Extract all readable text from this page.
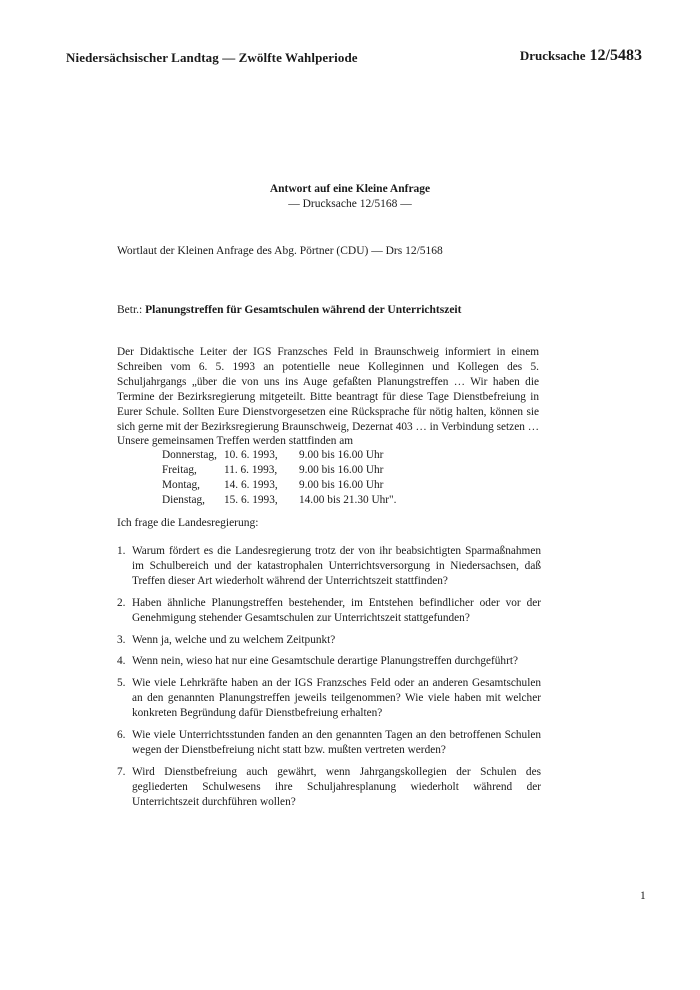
Niedersächsischer Landtag — Zwölfte Wahlperiode	Drucksache 12/5483
Antwort auf eine Kleine Anfrage
— Drucksache 12/5168 —
Wortlaut der Kleinen Anfrage des Abg. Pörtner (CDU) — Drs 12/5168
Betr.: Planungstreffen für Gesamtschulen während der Unterrichtszeit
Der Didaktische Leiter der IGS Franzsches Feld in Braunschweig informiert in einem Schreiben vom 6. 5. 1993 an potentielle neue Kolleginnen und Kollegen des 5. Schuljahrgangs „über die von uns ins Auge gefaßten Planungstreffen … Wir haben die Termine der Bezirksregierung mitgeteilt. Bitte beantragt für diese Tage Dienstbefreiung in Eurer Schule. Sollten Eure Dienstvorgesetzen eine Rücksprache für nötig halten, können sie sich gerne mit der Bezirksregierung Braunschweig, Dezernat 403 … in Verbindung setzen … Unsere gemeinsamen Treffen werden stattfinden am
Donnerstag,	10. 6. 1993,	9.00 bis 16.00 Uhr
Freitag,	11. 6. 1993,	9.00 bis 16.00 Uhr
Montag,	14. 6. 1993,	9.00 bis 16.00 Uhr
Dienstag,	15. 6. 1993,	14.00 bis 21.30 Uhr".
Ich frage die Landesregierung:
1. Warum fördert es die Landesregierung trotz der von ihr beabsichtigten Sparmaßnahmen im Schulbereich und der katastrophalen Unterrichtsversorgung in Niedersachsen, daß Treffen dieser Art wiederholt während der Unterrichtszeit stattfinden?
2. Haben ähnliche Planungstreffen bestehender, im Entstehen befindlicher oder vor der Genehmigung stehender Gesamtschulen zur Unterrichtszeit stattgefunden?
3. Wenn ja, welche und zu welchem Zeitpunkt?
4. Wenn nein, wieso hat nur eine Gesamtschule derartige Planungstreffen durchgeführt?
5. Wie viele Lehrkräfte haben an der IGS Franzsches Feld oder an anderen Gesamtschulen an den genannten Planungstreffen jeweils teilgenommen? Wie viele haben mit welcher konkreten Begründung dafür Dienstbefreiung erhalten?
6. Wie viele Unterrichtsstunden fanden an den genannten Tagen an den betroffenen Schulen wegen der Dienstbefreiung nicht statt bzw. mußten vertreten werden?
7. Wird Dienstbefreiung auch gewährt, wenn Jahrgangskollegien der Schulen des gegliederten Schulwesens ihre Schuljahresplanung wiederholt während der Unterrichtszeit durchführen wollen?
1
